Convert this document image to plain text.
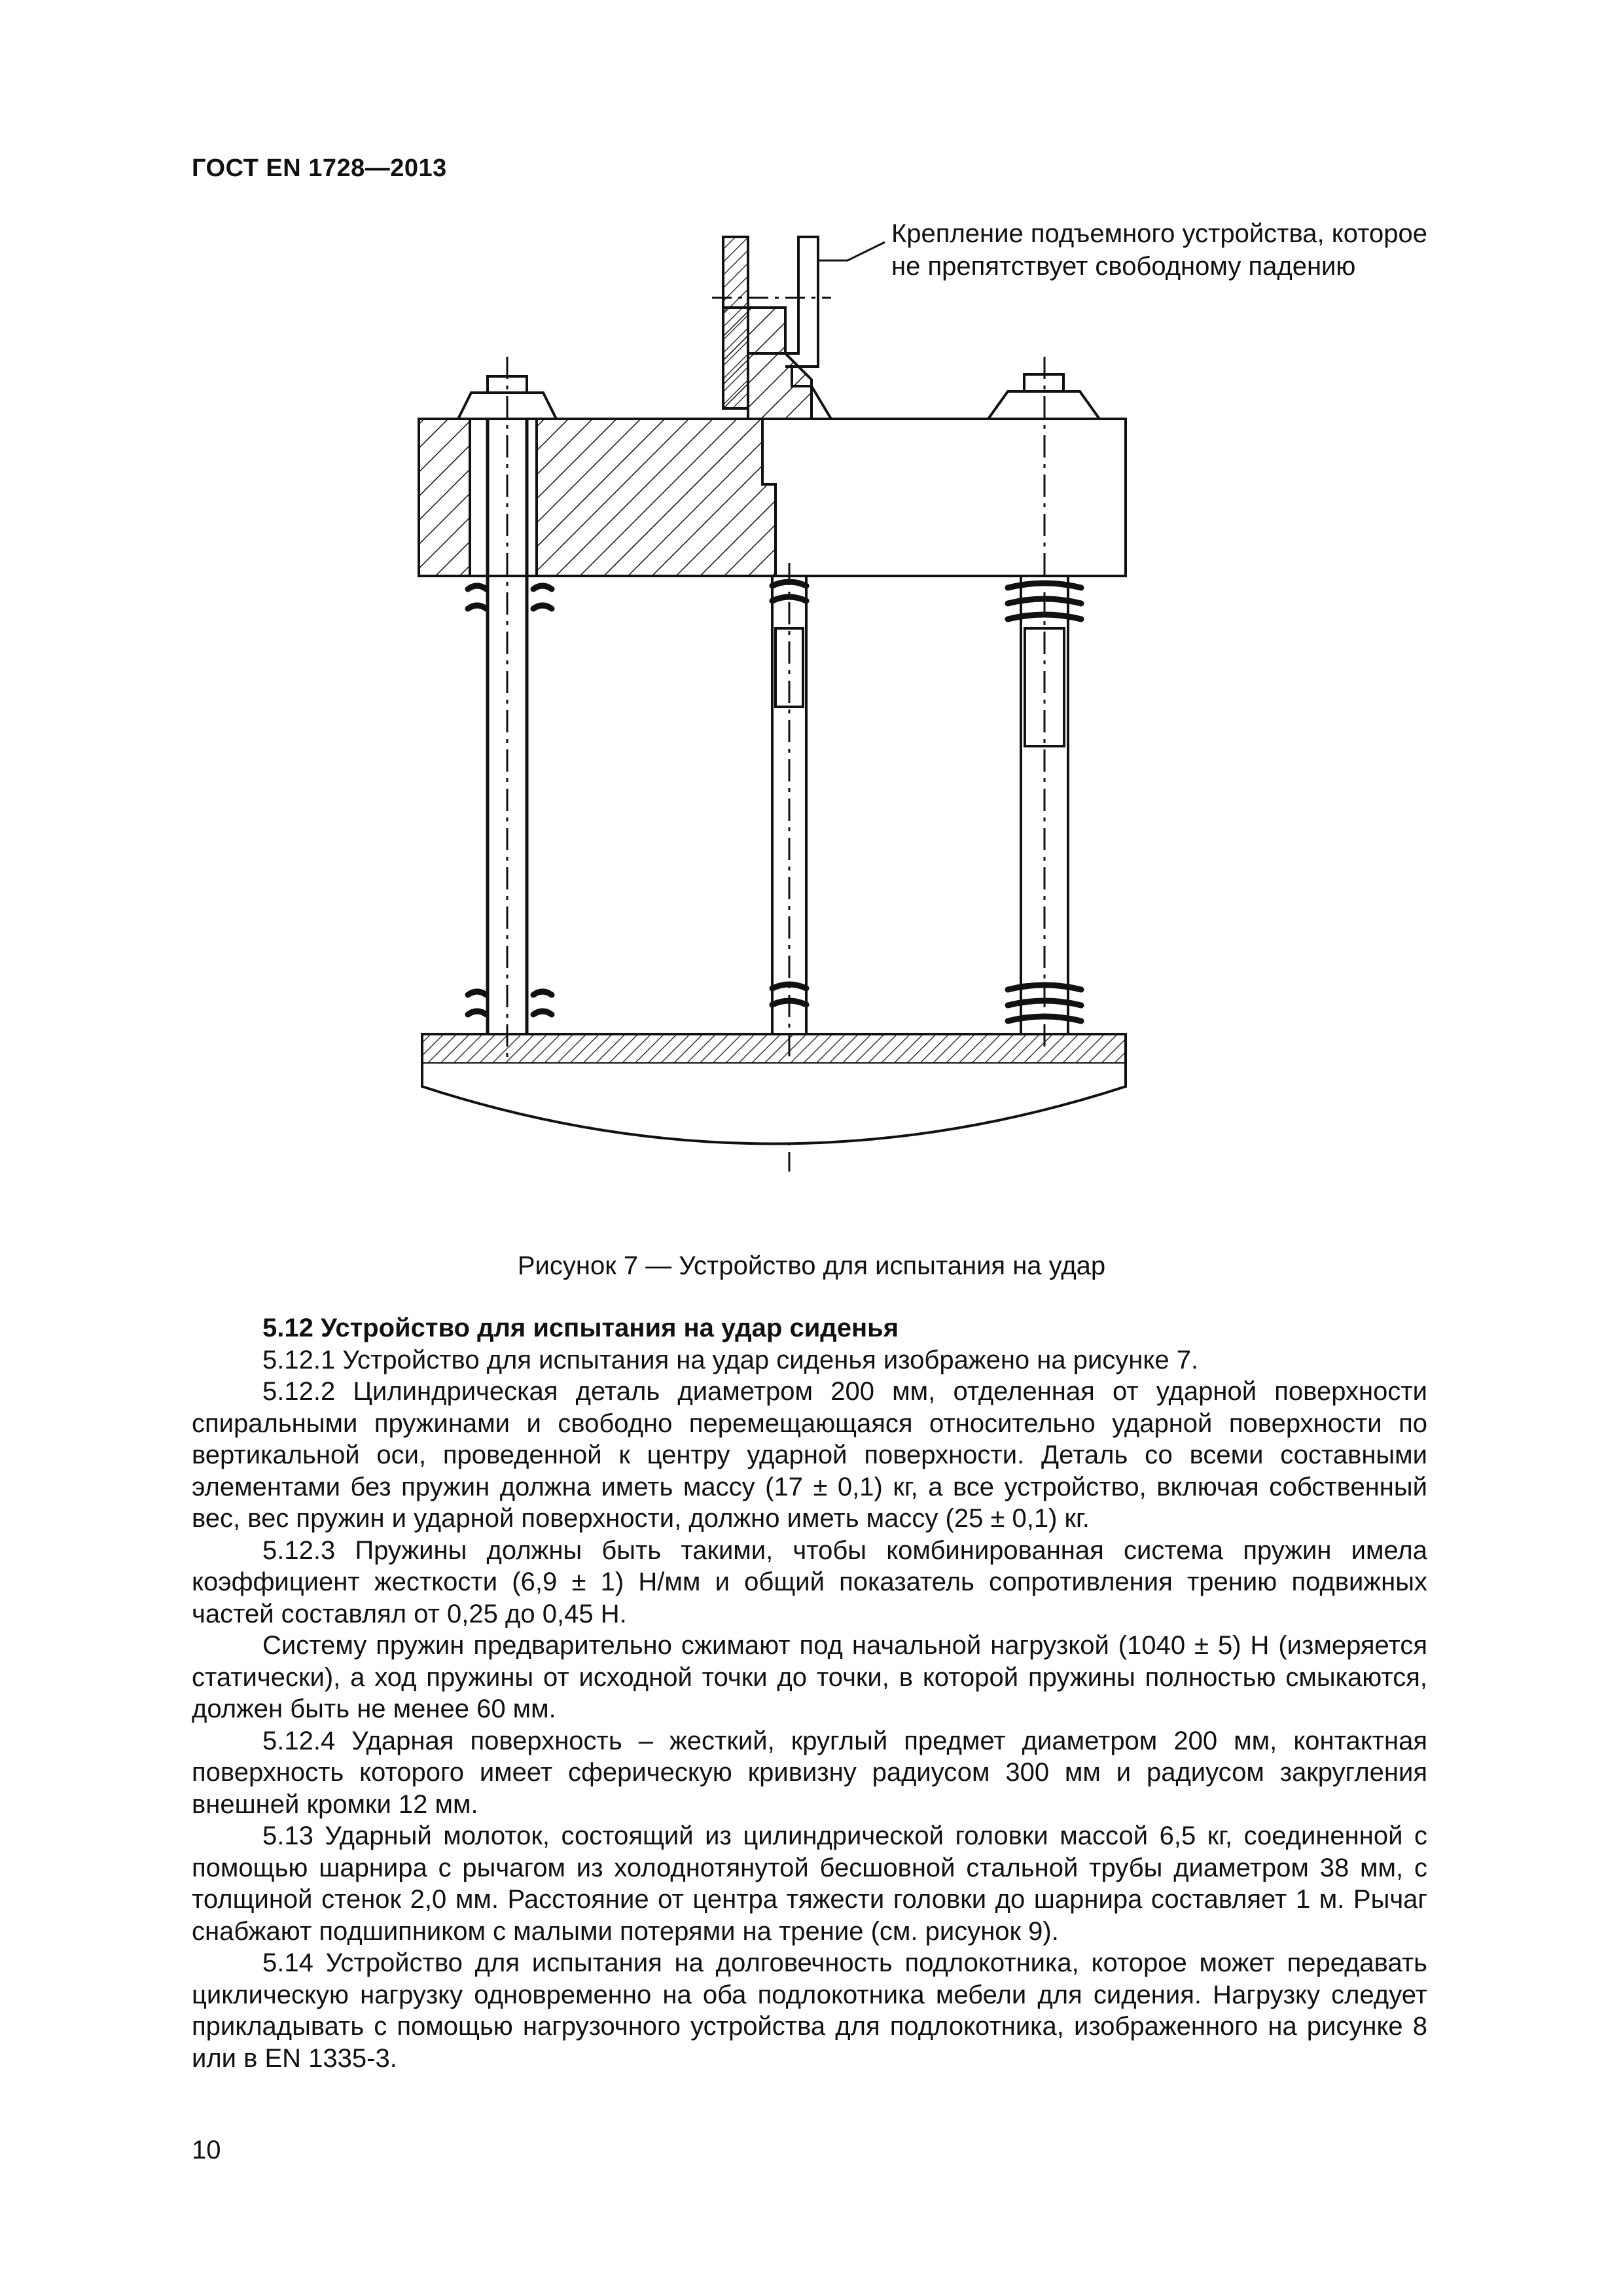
ГОСТ EN 1728—2013
Крепление подъемного устройства, которое
не препятствует свободному падению
Рисунок 7 — Устройство для испытания на удар

5.12 Устройство для испытания на удар сиденья

5.12.1 Устройство для испытания на удар сиденья изображено на рисунке 7.

5.12.2 Цилиндрическая деталь диаметром 200 мм, отделенная от ударной поверхности спиральными пружинами и свободно перемещающаяся относительно ударной поверхности по вертикальной оси, проведенной к центру ударной поверхности. Деталь со всеми составными элементами без пружин должна иметь массу (17 ± 0,1) кг, а все устройство, включая собственный вес, вес пружин и ударной поверхности, должно иметь массу (25 ± 0,1) кг.

5.12.3 Пружины должны быть такими, чтобы комбинированная система пружин имела коэффициент жесткости (6,9 ± 1) Н/мм и общий показатель сопротивления трению подвижных частей составлял от 0,25 до 0,45 Н.

Систему пружин предварительно сжимают под начальной нагрузкой (1040 ± 5) Н (измеряется статически), а ход пружины от исходной точки до точки, в которой пружины полностью смыкаются, должен быть не менее 60 мм.

5.12.4 Ударная поверхность – жесткий, круглый предмет диаметром 200 мм, контактная поверхность которого имеет сферическую кривизну радиусом 300 мм и радиусом закругления внешней кромки 12 мм.

5.13 Ударный молоток, состоящий из цилиндрической головки массой 6,5 кг, соединенной с помощью шарнира с рычагом из холоднотянутой бесшовной стальной трубы диаметром 38 мм, с толщиной стенок 2,0 мм. Расстояние от центра тяжести головки до шарнира составляет 1 м. Рычаг снабжают подшипником с малыми потерями на трение (см. рисунок 9).

5.14 Устройство для испытания на долговечность подлокотника, которое может передавать циклическую нагрузку одновременно на оба подлокотника мебели для сидения. Нагрузку следует прикладывать с помощью нагрузочного устройства для подлокотника, изображенного на рисунке 8 или в EN 1335-3.

10
